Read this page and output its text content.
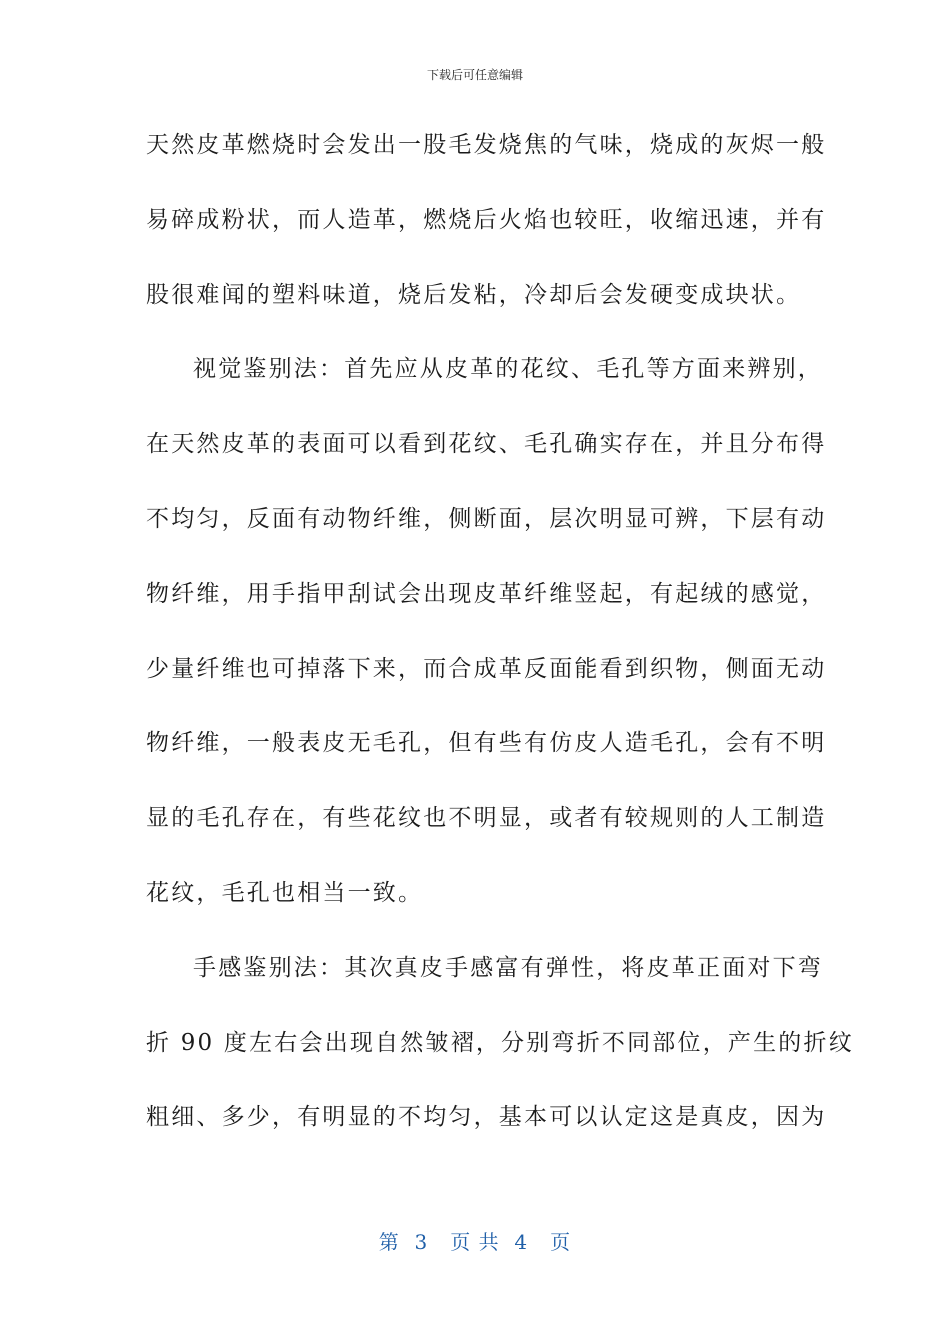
下载后可任意编辑
天然皮革燃烧时会发出一股毛发烧焦的气味，烧成的灰烬一般
易碎成粉状，而人造革，燃烧后火焰也较旺，收缩迅速，并有
股很难闻的塑料味道，烧后发粘，冷却后会发硬变成块状。
视觉鉴别法：首先应从皮革的花纹、毛孔等方面来辨别，
在天然皮革的表面可以看到花纹、毛孔确实存在，并且分布得
不均匀，反面有动物纤维，侧断面，层次明显可辨，下层有动
物纤维，用手指甲刮试会出现皮革纤维竖起，有起绒的感觉，
少量纤维也可掉落下来，而合成革反面能看到织物，侧面无动
物纤维，一般表皮无毛孔，但有些有仿皮人造毛孔，会有不明
显的毛孔存在，有些花纹也不明显，或者有较规则的人工制造
花纹，毛孔也相当一致。
手感鉴别法：其次真皮手感富有弹性，将皮革正面对下弯
折 90 度左右会出现自然皱褶，分别弯折不同部位，产生的折纹
粗细、多少，有明显的不均匀，基本可以认定这是真皮，因为
第  3   页 共  4   页
